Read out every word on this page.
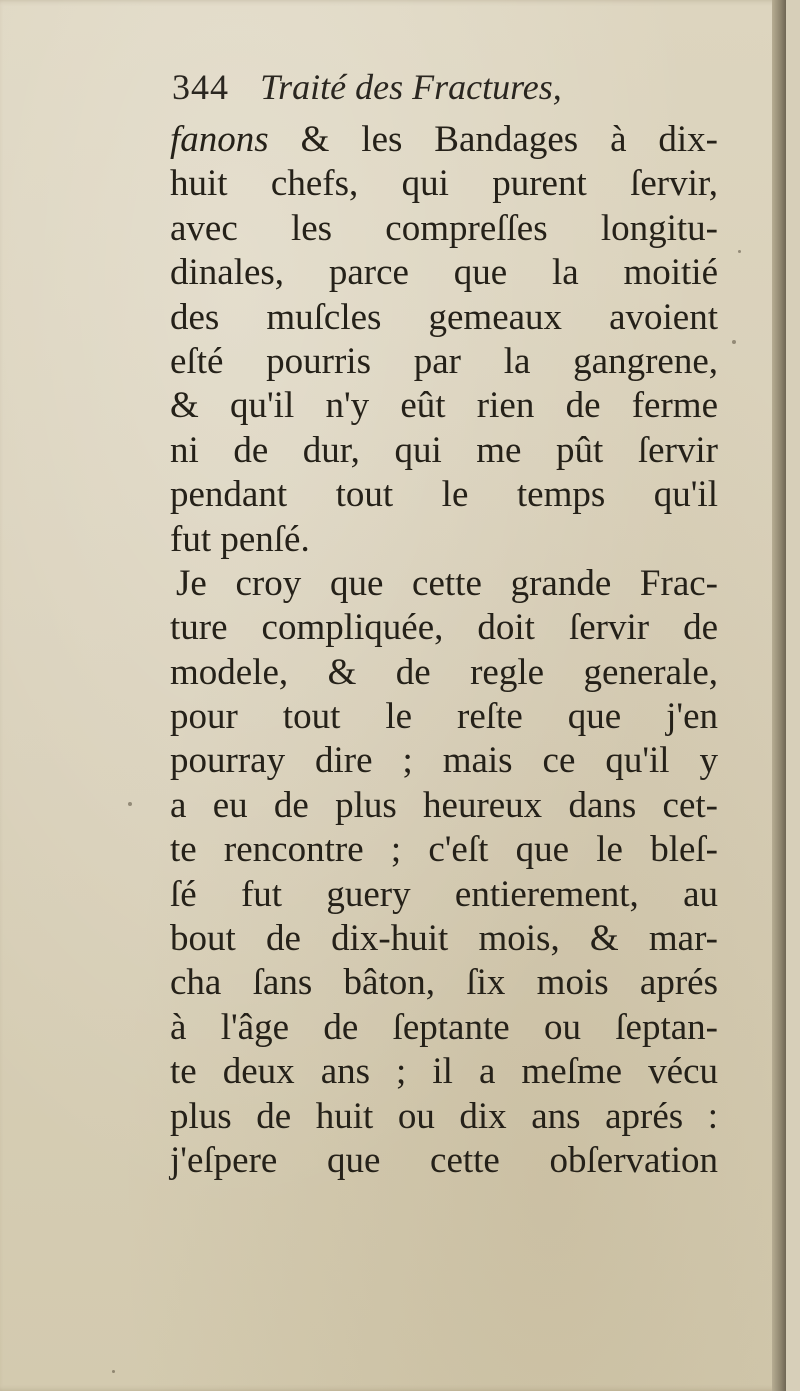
344 Traité des Fractures,
fanons & les Bandages à dix-
huit chefs, qui purent ſervir,
avec les compreſſes longitu-
dinales, parce que la moitié
des muſcles gemeaux avoient
eſté pourris par la gangrene,
& qu'il n'y eût rien de ferme
ni de dur, qui me pût ſervir
pendant tout le temps qu'il
fut penſé.
Je croy que cette grande Frac-
ture compliquée, doit ſervir de
modele, & de regle generale,
pour tout le reſte que j'en
pourray dire ; mais ce qu'il y
a eu de plus heureux dans cet-
te rencontre ; c'eſt que le bleſ-
ſé fut guery entierement, au
bout de dix-huit mois, & mar-
cha ſans bâton, ſix mois aprés
à l'âge de ſeptante ou ſeptan-
te deux ans ; il a meſme vécu
plus de huit ou dix ans aprés :
j'eſpere que cette obſervation
